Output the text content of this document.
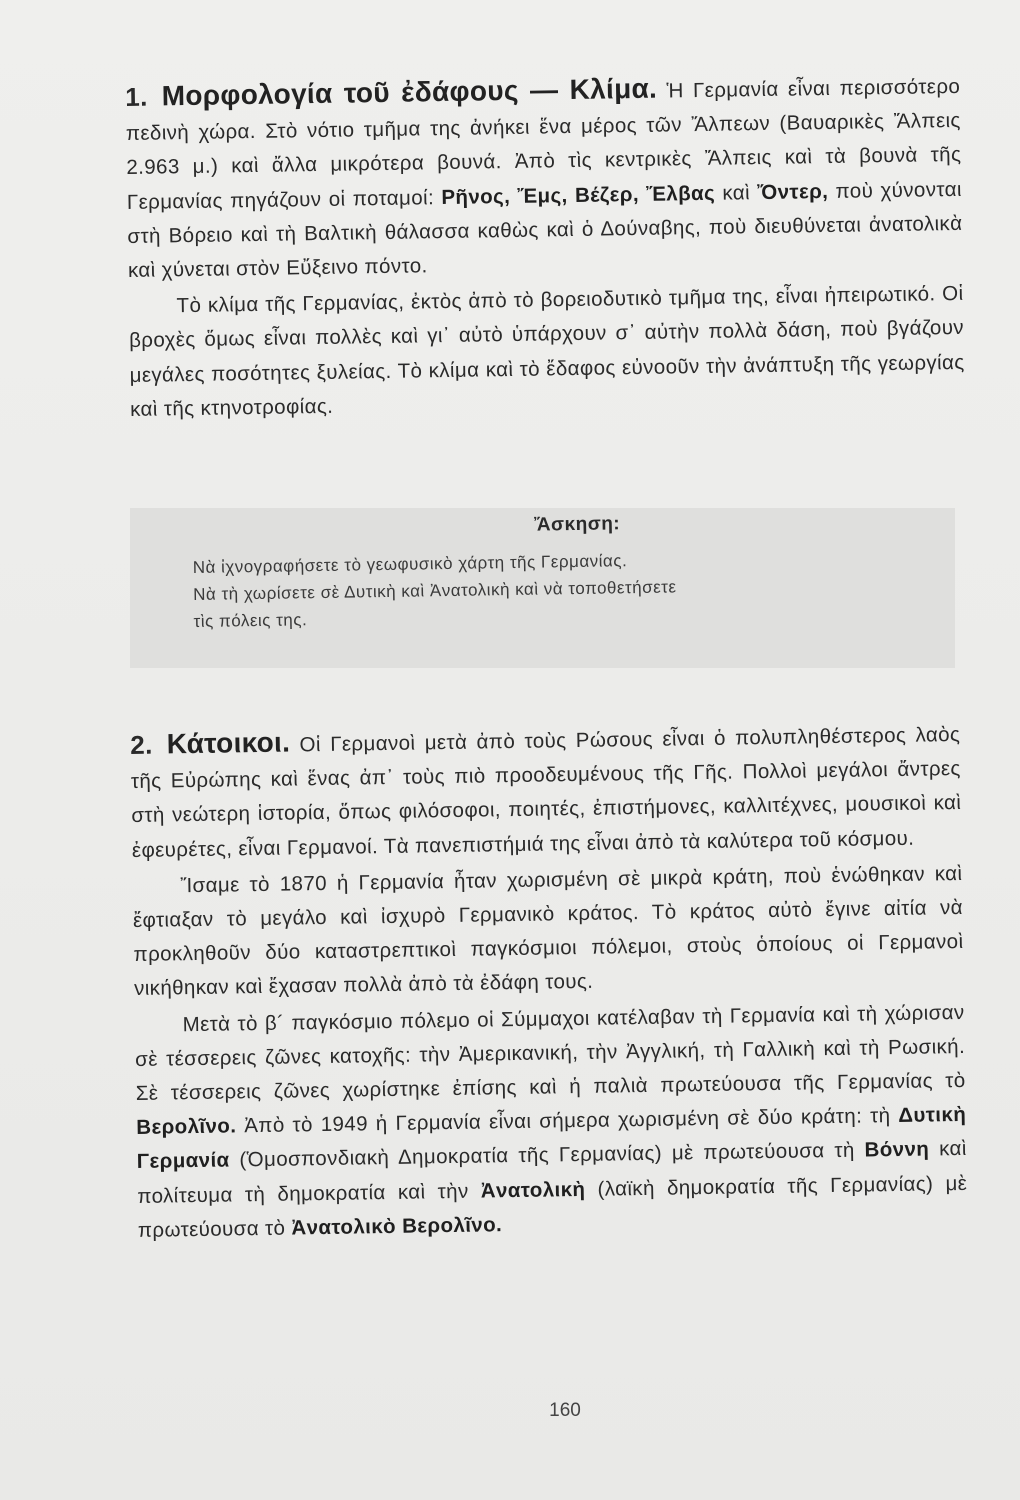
1. Μορφολογία τοῦ ἐδάφους — Κλίμα. Ἡ Γερμανία εἶναι περισσότερο πεδινὴ χώρα. Στὸ νότιο τμῆμα της ἀνήκει ἕνα μέρος τῶν Ἄλπεων (Βαυαρικὲς Ἄλπεις 2.963 μ.) καὶ ἄλλα μικρότερα βουνά. Ἀπὸ τὶς κεντρικὲς Ἄλπεις καὶ τὰ βουνὰ τῆς Γερμανίας πηγάζουν οἱ ποταμοί: Ρῆνος, Ἔμς, Βέζερ, Ἔλβας καὶ Ὄντερ, ποὺ χύνονται στὴ Βόρειο καὶ τὴ Βαλτικὴ θάλασσα καθὼς καὶ ὁ Δούναβης, ποὺ διευθύνεται ἀνατολικὰ καὶ χύνεται στὸν Εὔξεινο πόντο.

Τὸ κλίμα τῆς Γερμανίας, ἐκτὸς ἀπὸ τὸ βορειοδυτικὸ τμῆμα της, εἶναι ἠπειρωτικό. Οἱ βροχὲς ὅμως εἶναι πολλὲς καὶ γι᾽ αὐτὸ ὑπάρχουν σ᾽ αὐτὴν πολλὰ δάση, ποὺ βγάζουν μεγάλες ποσότητες ξυλείας. Τὸ κλίμα καὶ τὸ ἔδαφος εὐνοοῦν τὴν ἀνάπτυξη τῆς γεωργίας καὶ τῆς κτηνοτροφίας.

Ἄσκηση:
Νὰ ἰχνογραφήσετε τὸ γεωφυσικὸ χάρτη τῆς Γερμανίας.
Νὰ τὴ χωρίσετε σὲ Δυτικὴ καὶ Ἀνατολικὴ καὶ νὰ τοποθετήσετε
τὶς πόλεις της.

2. Κάτοικοι. Οἱ Γερμανοὶ μετὰ ἀπὸ τοὺς Ρώσους εἶναι ὁ πολυπληθέστερος λαὸς τῆς Εὐρώπης καὶ ἕνας ἀπ᾽ τοὺς πιὸ προοδευμένους τῆς Γῆς. Πολλοὶ μεγάλοι ἄντρες στὴ νεώτερη ἱστορία, ὅπως φιλόσοφοι, ποιητές, ἐπιστήμονες, καλλιτέχνες, μουσικοὶ καὶ ἐφευρέτες, εἶναι Γερμανοί. Τὰ πανεπιστήμιά της εἶναι ἀπὸ τὰ καλύτερα τοῦ κόσμου.

Ἴσαμε τὸ 1870 ἡ Γερμανία ἦταν χωρισμένη σὲ μικρὰ κράτη, ποὺ ἑνώθηκαν καὶ ἔφτιαξαν τὸ μεγάλο καὶ ἰσχυρὸ Γερμανικὸ κράτος. Τὸ κράτος αὐτὸ ἔγινε αἰτία νὰ προκληθοῦν δύο καταστρεπτικοὶ παγκόσμιοι πόλεμοι, στοὺς ὁποίους οἱ Γερμανοὶ νικήθηκαν καὶ ἔχασαν πολλὰ ἀπὸ τὰ ἐδάφη τους.

Μετὰ τὸ β´ παγκόσμιο πόλεμο οἱ Σύμμαχοι κατέλαβαν τὴ Γερμανία καὶ τὴ χώρισαν σὲ τέσσερεις ζῶνες κατοχῆς: τὴν Ἀμερικανική, τὴν Ἀγγλική, τὴ Γαλλικὴ καὶ τὴ Ρωσική. Σὲ τέσσερεις ζῶνες χωρίστηκε ἐπίσης καὶ ἡ παλιὰ πρωτεύουσα τῆς Γερμανίας τὸ Βερολῖνο. Ἀπὸ τὸ 1949 ἡ Γερμανία εἶναι σήμερα χωρισμένη σὲ δύο κράτη: τὴ Δυτικὴ Γερμανία (Ὁμοσπονδιακὴ Δημοκρατία τῆς Γερμανίας) μὲ πρωτεύουσα τὴ Βόννη καὶ πολίτευμα τὴ δημοκρατία καὶ τὴν Ἀνατολικὴ (λαϊκὴ δημοκρατία τῆς Γερμανίας) μὲ πρωτεύουσα τὸ Ἀνατολικὸ Βερολῖνο.

160
